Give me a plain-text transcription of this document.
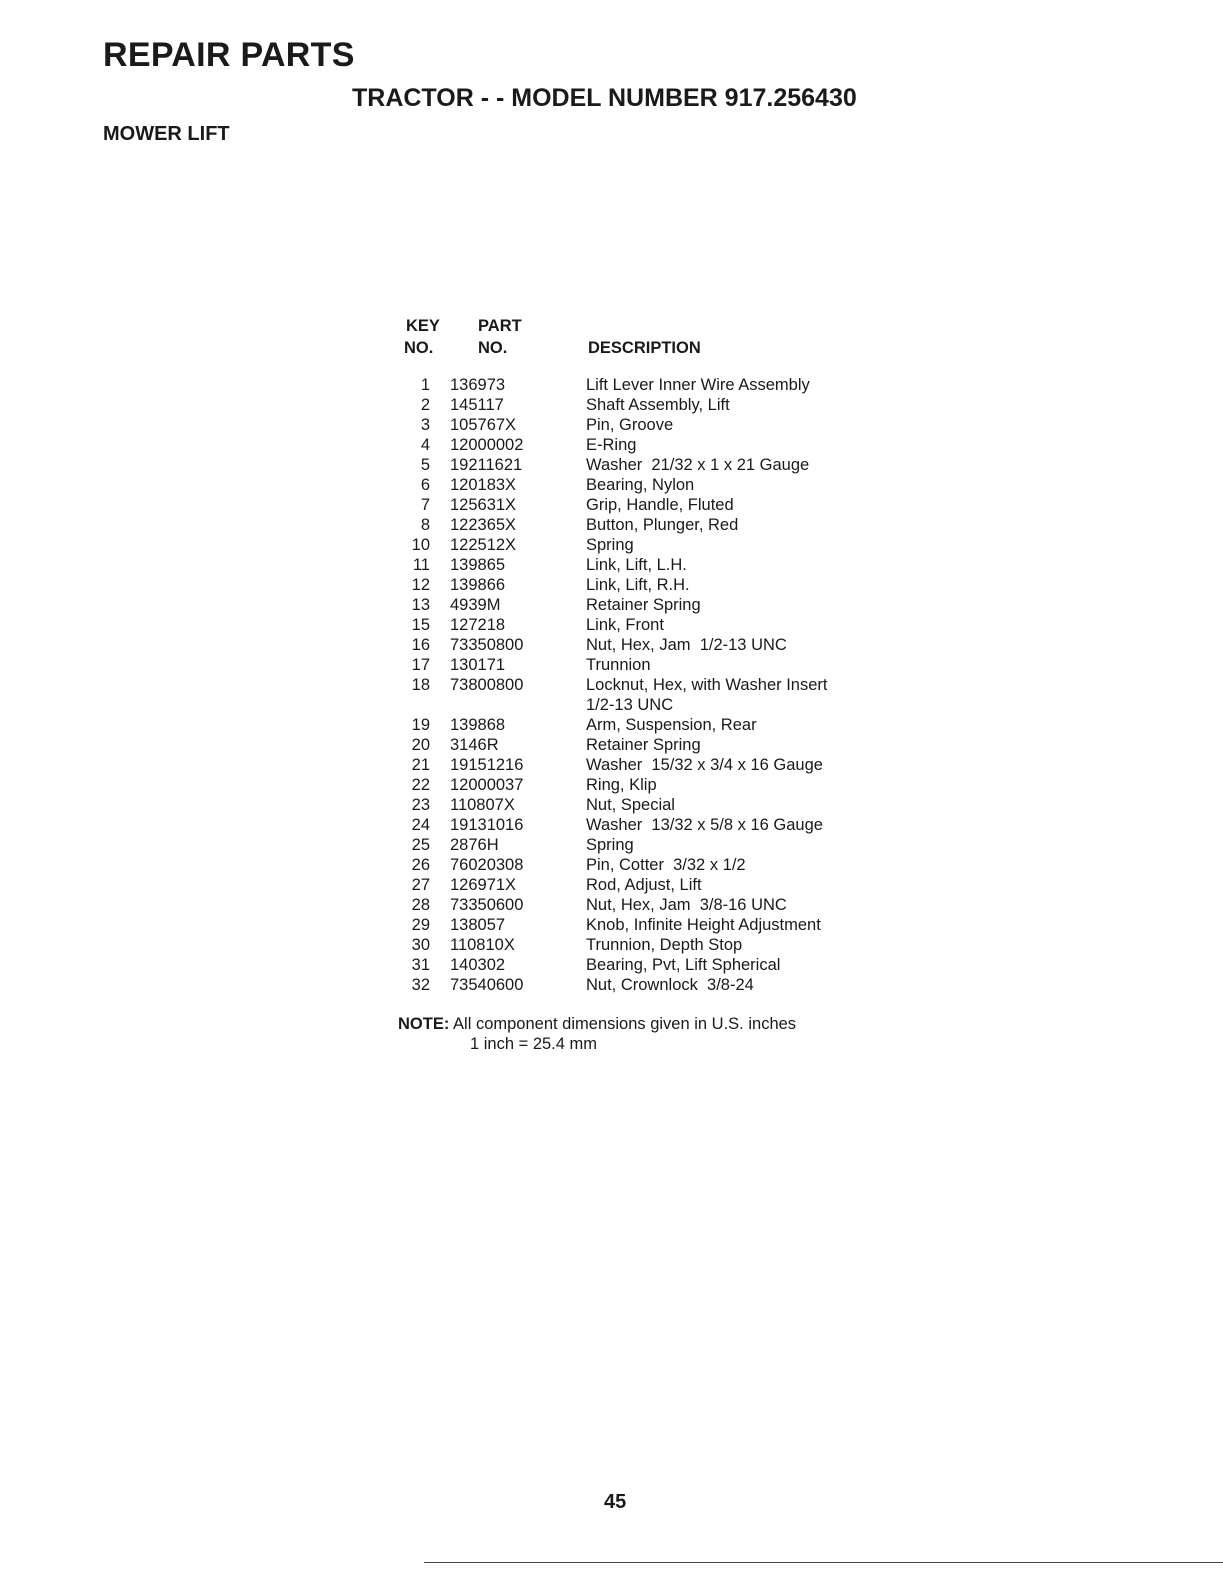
REPAIR PARTS
TRACTOR - - MODEL NUMBER 917.256430
MOWER LIFT
KEY
NO.
PART
NO.	DESCRIPTION
1 136973	Lift Lever Inner Wire Assembly
2 145117	Shaft Assembly, Lift
3 105767X	Pin, Groove
4 12000002	E-Ring
5 19211621	Washer  21/32 x 1 x 21 Gauge
6 120183X	Bearing, Nylon
7 125631X	Grip, Handle, Fluted
8 122365X	Button, Plunger, Red
10 122512X	Spring
11 139865	Link, Lift, L.H.
12 139866	Link, Lift, R.H.
13 4939M	Retainer Spring
15 127218	Link, Front
16 73350800	Nut, Hex, Jam  1/2-13 UNC
17 130171	Trunnion
18 73800800	Locknut, Hex, with Washer Insert
1/2-13 UNC
19 139868	Arm, Suspension, Rear
20 3146R	Retainer Spring
21 19151216	Washer  15/32 x 3/4 x 16 Gauge
22 12000037	Ring, Klip
23 110807X	Nut, Special
24 19131016	Washer  13/32 x 5/8 x 16 Gauge
25 2876H	Spring
26 76020308	Pin, Cotter  3/32 x 1/2
27 126971X	Rod, Adjust, Lift
28 73350600	Nut, Hex, Jam  3/8-16 UNC
29 138057	Knob, Infinite Height Adjustment
30 110810X	Trunnion, Depth Stop
31 140302	Bearing, Pvt, Lift Spherical
32 73540600	Nut, Crownlock  3/8-24
NOTE: All component dimensions given in U.S. inches
1 inch = 25.4 mm
45
